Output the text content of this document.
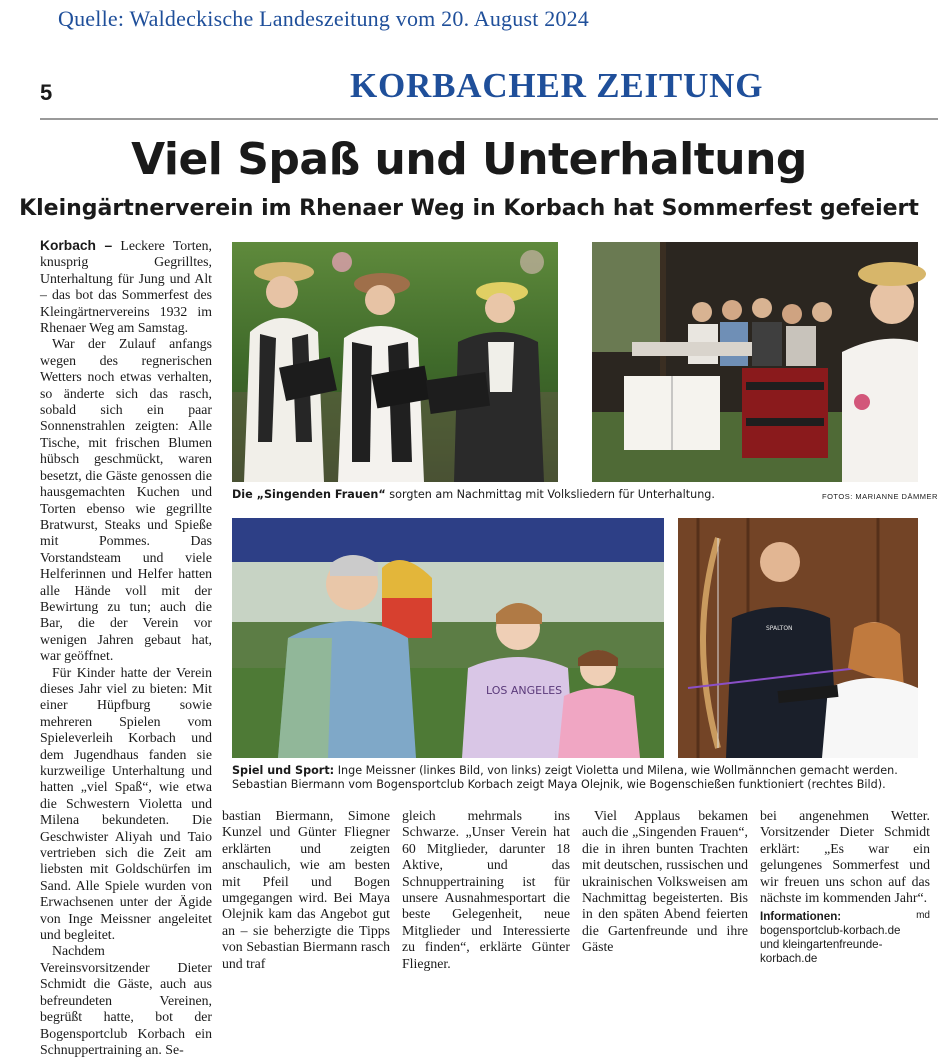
Quelle: Waldeckische Landeszeitung vom 20. August 2024
5	KORBACHER ZEITUNG
Viel Spaß und Unterhaltung
Kleingärtnerverein im Rhenaer Weg in Korbach hat Sommerfest gefeiert

Korbach – Leckere Torten, knusprig Gegrilltes, Unterhaltung für Jung und Alt – das bot das Sommerfest des Kleingärtnervereins 1932 im Rhenaer Weg am Samstag.

War der Zulauf anfangs wegen des regnerischen Wetters noch etwas verhalten, so änderte sich das rasch, sobald sich ein paar Sonnenstrahlen zeigten: Alle Tische, mit frischen Blumen hübsch geschmückt, waren besetzt, die Gäste genossen die hausgemachten Kuchen und Torten ebenso wie gegrillte Bratwurst, Steaks und Spieße mit Pommes. Das Vorstandsteam und viele Helferinnen und Helfer hatten alle Hände voll mit der Bewirtung zu tun; auch die Bar, die der Verein vor wenigen Jahren gebaut hat, war geöffnet.

Für Kinder hatte der Verein dieses Jahr viel zu bieten: Mit einer Hüpfburg sowie mehreren Spielen vom Spieleverleih Korbach und dem Jugendhaus fanden sie kurzweilige Unterhaltung und hatten „viel Spaß“, wie etwa die Schwestern Violetta und Milena bekundeten. Die Geschwister Aliyah und Taio vertrieben sich die Zeit am liebsten mit Goldschürfen im Sand. Alle Spiele wurden von Erwachsenen unter der Ägide von Inge Meissner angeleitet und begleitet.

Nachdem Vereinsvorsitzender Dieter Schmidt die Gäste, auch aus befreundeten Vereinen, begrüßt hatte, bot der Bogensportclub Korbach ein Schnuppertraining an. Se-

Die „Singenden Frauen“ sorgten am Nachmittag mit Volksliedern für Unterhaltung.	FOTOS: MARIANNE DÄMMER
LOS ANGELES
SPALTON
Spiel und Sport: Inge Meissner (linkes Bild, von links) zeigt Violetta und Milena, wie Wollmännchen gemacht werden. Sebastian Biermann vom Bogensportclub Korbach zeigt Maya Olejnik, wie Bogenschießen funktioniert (rechtes Bild).

bastian Biermann, Simone Kunzel und Günter Fliegner erklärten und zeigten anschaulich, wie am besten mit Pfeil und Bogen umgegangen wird. Bei Maya Olejnik kam das Angebot gut an – sie beherzigte die Tipps von Sebastian Biermann rasch und traf

gleich mehrmals ins Schwarze. „Unser Verein hat 60 Mitglieder, darunter 18 Aktive, und das Schnuppertraining ist für unsere Ausnahmesportart die beste Gelegenheit, neue Mitglieder und Interessierte zu finden“, erklärte Günter Fliegner.

Viel Applaus bekamen auch die „Singenden Frauen“, die in ihren bunten Trachten mit deutschen, russischen und ukrainischen Volksweisen am Nachmittag begeisterten. Bis in den späten Abend feierten die Gartenfreunde und ihre Gäste

bei angenehmen Wetter. Vorsitzender Dieter Schmidt erklärt: „Es war ein gelungenes Sommerfest und wir freuen uns schon auf das nächste im kommenden Jahr“.
md

Informationen: bogensportclub-korbach.de und kleingartenfreunde-korbach.de
